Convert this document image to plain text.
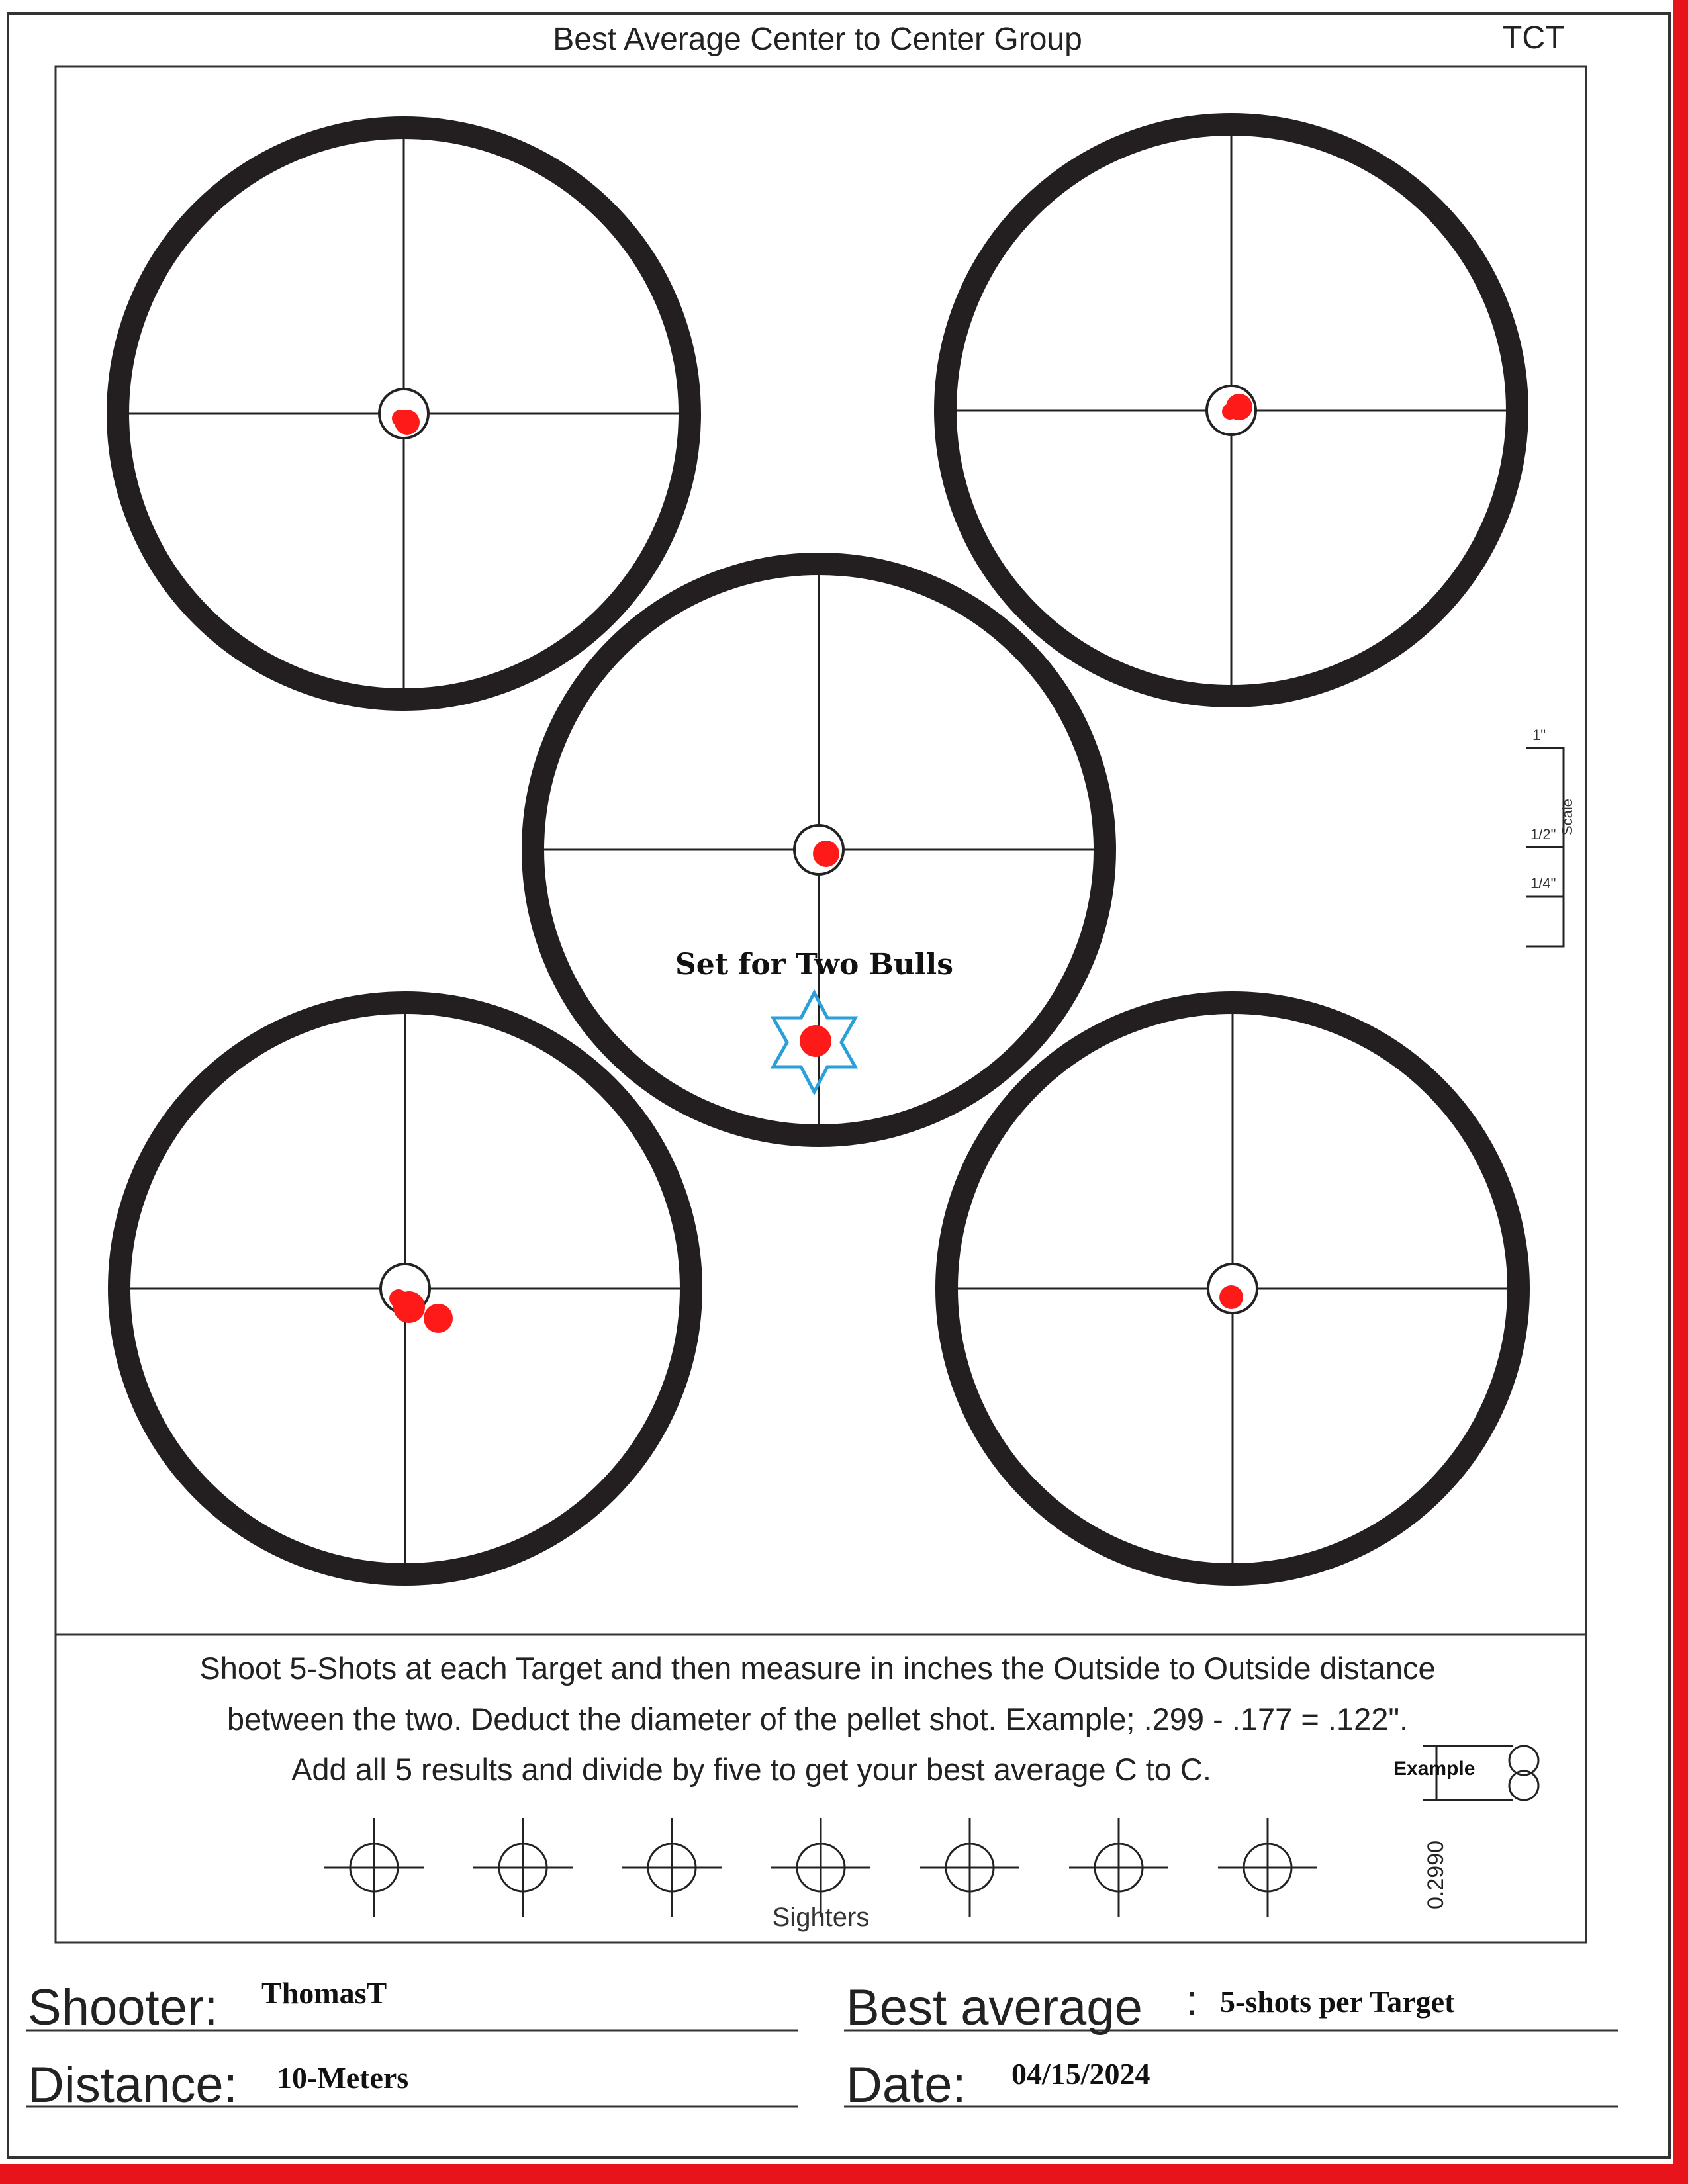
Best Average Center to Center Group	TCT
1"
1/2"
1/4"
Scale
Set for Two Bulls
Shoot 5-Shots at each Target and then measure in inches the Outside to Outside distance
between the two. Deduct the diameter of the pellet shot. Example; .299 - .177 = .122".
Add all 5 results and divide by five to get your best average C to C.	Example
0.2990
Sighters
Shooter: ThomasT
Distance: 10-Meters
Best average : 5-shots per Target
Date: 04/15/2024
